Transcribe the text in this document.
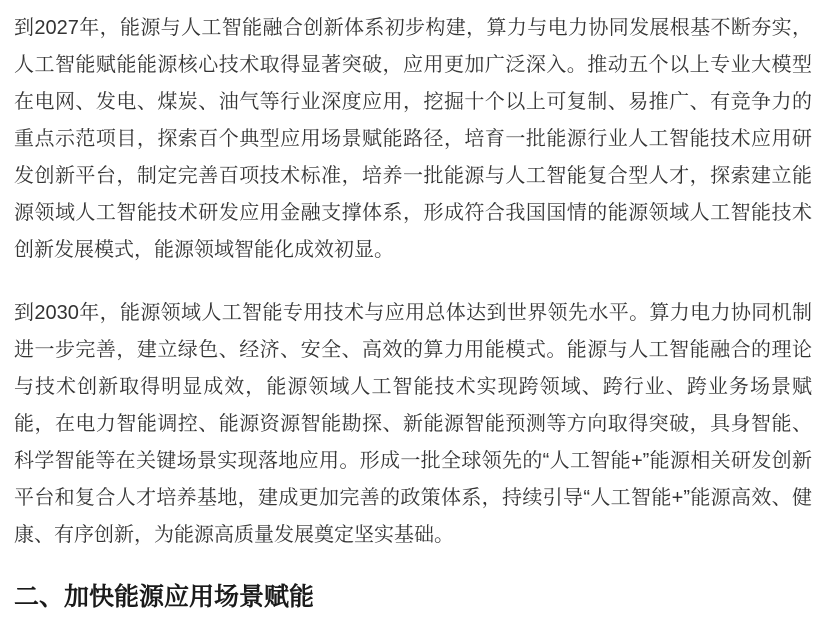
到2027年，能源与人工智能融合创新体系初步构建，算力与电力协同发展根基不断夯实，人工智能赋能能源核心技术取得显著突破，应用更加广泛深入。推动五个以上专业大模型在电网、发电、煤炭、油气等行业深度应用，挖掘十个以上可复制、易推广、有竞争力的重点示范项目，探索百个典型应用场景赋能路径，培育一批能源行业人工智能技术应用研发创新平台，制定完善百项技术标准，培养一批能源与人工智能复合型人才，探索建立能源领域人工智能技术研发应用金融支撑体系，形成符合我国国情的能源领域人工智能技术创新发展模式，能源领域智能化成效初显。

到2030年，能源领域人工智能专用技术与应用总体达到世界领先水平。算力电力协同机制进一步完善，建立绿色、经济、安全、高效的算力用能模式。能源与人工智能融合的理论与技术创新取得明显成效，能源领域人工智能技术实现跨领域、跨行业、跨业务场景赋能，在电力智能调控、能源资源智能勘探、新能源智能预测等方向取得突破，具身智能、科学智能等在关键场景实现落地应用。形成一批全球领先的“人工智能+”能源相关研发创新平台和复合人才培养基地，建成更加完善的政策体系，持续引导“人工智能+”能源高效、健康、有序创新，为能源高质量发展奠定坚实基础。

二、加快能源应用场景赋能
